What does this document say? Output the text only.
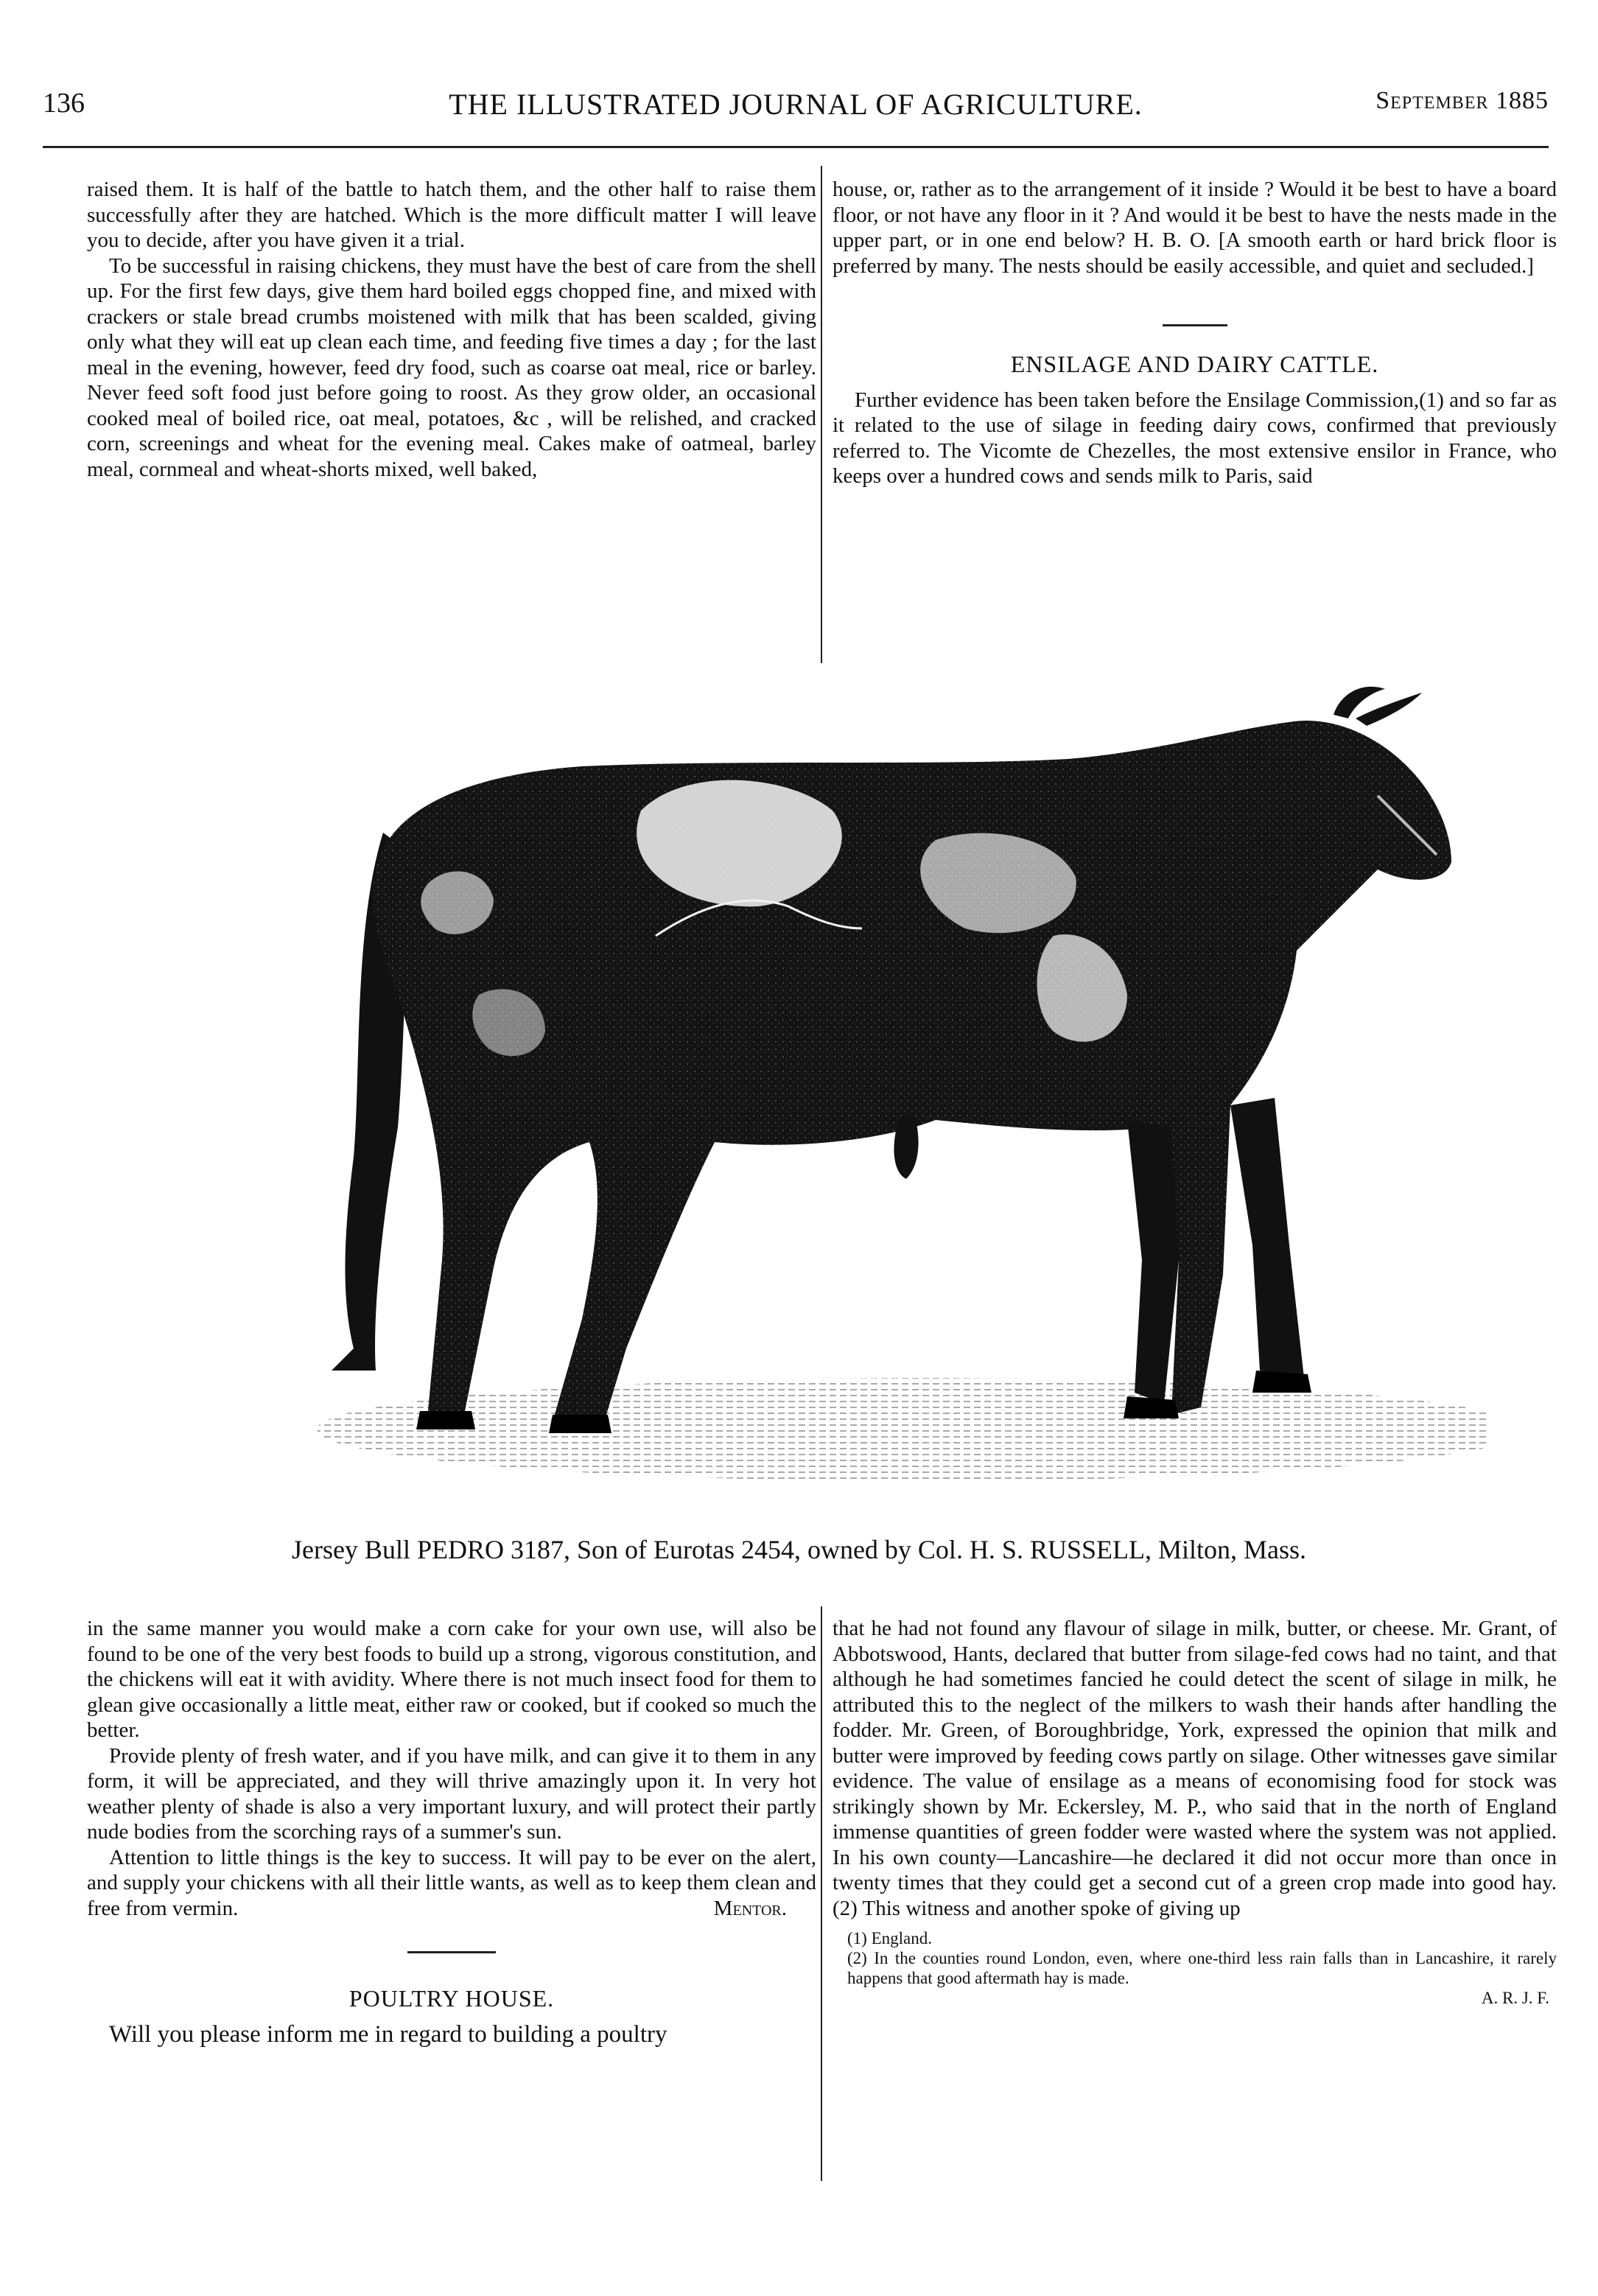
136	THE ILLUSTRATED JOURNAL OF AGRICULTURE.	September 1885

raised them. It is half of the battle to hatch them, and the other half to raise them successfully after they are hatched. Which is the more difficult matter I will leave you to decide, after you have given it a trial.

To be successful in raising chickens, they must have the best of care from the shell up. For the first few days, give them hard boiled eggs chopped fine, and mixed with crackers or stale bread crumbs moistened with milk that has been scalded, giving only what they will eat up clean each time, and feeding five times a day ; for the last meal in the evening, however, feed dry food, such as coarse oat meal, rice or barley. Never feed soft food just before going to roost. As they grow older, an occasional cooked meal of boiled rice, oat meal, potatoes, &c , will be relished, and cracked corn, screenings and wheat for the evening meal. Cakes make of oatmeal, barley meal, cornmeal and wheat-shorts mixed, well baked,

house, or, rather as to the arrangement of it inside ? Would it be best to have a board floor, or not have any floor in it ? And would it be best to have the nests made in the upper part, or in one end below? H. B. O. [A smooth earth or hard brick floor is preferred by many. The nests should be easily accessible, and quiet and secluded.]

ENSILAGE AND DAIRY CATTLE.

Further evidence has been taken before the Ensilage Commission,(1) and so far as it related to the use of silage in feeding dairy cows, confirmed that previously referred to. The Vicomte de Chezelles, the most extensive ensilor in France, who keeps over a hundred cows and sends milk to Paris, said

Jersey Bull PEDRO 3187, Son of Eurotas 2454, owned by Col. H. S. RUSSELL, Milton, Mass.

in the same manner you would make a corn cake for your own use, will also be found to be one of the very best foods to build up a strong, vigorous constitution, and the chickens will eat it with avidity. Where there is not much insect food for them to glean give occasionally a little meat, either raw or cooked, but if cooked so much the better.

Provide plenty of fresh water, and if you have milk, and can give it to them in any form, it will be appreciated, and they will thrive amazingly upon it. In very hot weather plenty of shade is also a very important luxury, and will protect their partly nude bodies from the scorching rays of a summer's sun.

Attention to little things is the key to success. It will pay to be ever on the alert, and supply your chickens with all their little wants, as well as to keep them clean and free from vermin.	Mentor.

POULTRY HOUSE.

Will you please inform me in regard to building a poultry

that he had not found any flavour of silage in milk, butter, or cheese. Mr. Grant, of Abbotswood, Hants, declared that butter from silage-fed cows had no taint, and that although he had sometimes fancied he could detect the scent of silage in milk, he attributed this to the neglect of the milkers to wash their hands after handling the fodder. Mr. Green, of Boroughbridge, York, expressed the opinion that milk and butter were improved by feeding cows partly on silage. Other witnesses gave similar evidence. The value of ensilage as a means of economising food for stock was strikingly shown by Mr. Eckersley, M. P., who said that in the north of England immense quantities of green fodder were wasted where the system was not applied. In his own county—Lancashire—he declared it did not occur more than once in twenty times that they could get a second cut of a green crop made into good hay. (2) This witness and another spoke of giving up

(1) England.

(2) In the counties round London, even, where one-third less rain falls than in Lancashire, it rarely happens that good aftermath hay is made.

A. R. J. F.
